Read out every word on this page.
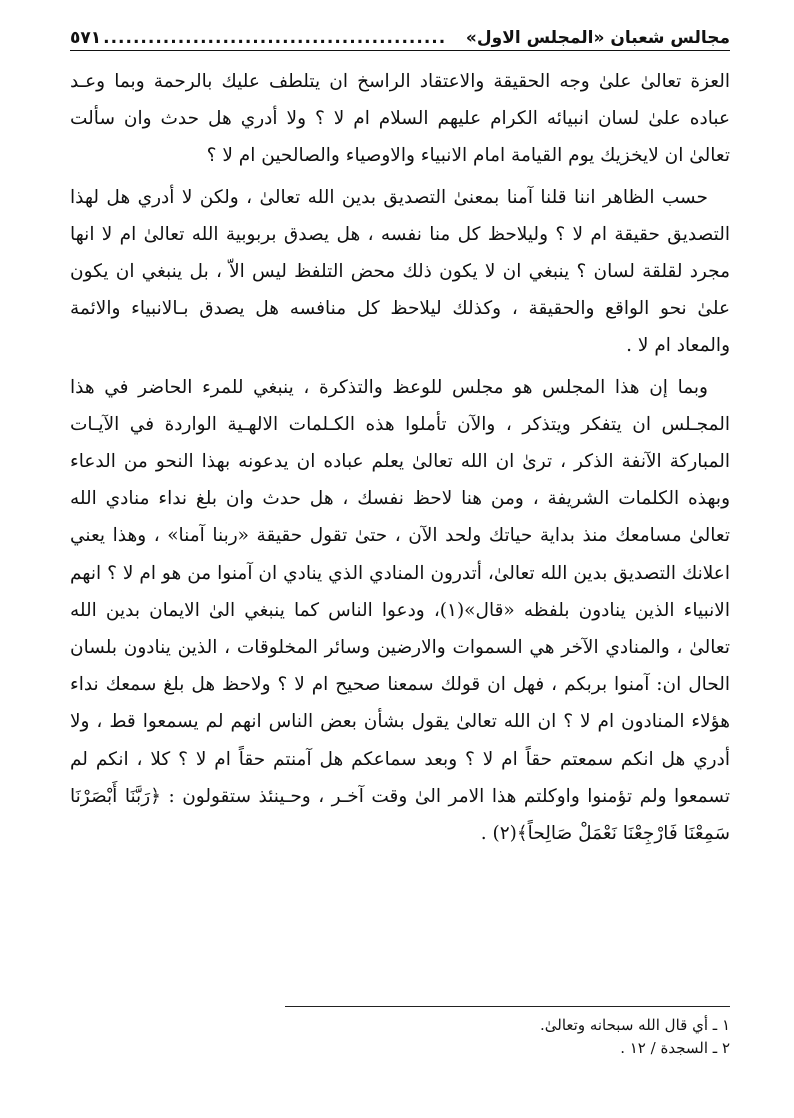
مجالس شعبان «المجلس الاول»
..............................................
٥٧١

العزة تعالىٰ علىٰ وجه الحقيقة والاعتقاد الراسخ ان يتلطف عليك بالرحمة وبما وعـد عباده علىٰ لسان انبيائه الكرام عليهم السلام ام لا ؟ ولا أدري هل حدث وان سألت تعالىٰ ان لايخزيك يوم القيامة امام الانبياء والاوصياء والصالحين ام لا ؟

حسب الظاهر اننا قلنا آمنا بمعنىٰ التصديق بدين الله تعالىٰ ، ولكن لا أدري هل لهذا التصديق حقيقة ام لا ؟ وليلاحظ كل منا نفسه ، هل يصدق بربوبية الله تعالىٰ ام لا انها مجرد لقلقة لسان ؟ ينبغي ان لا يكون ذلك محض التلفظ ليس الاّ ، بل ينبغي ان يكون علىٰ نحو الواقع والحقيقة ، وكذلك ليلاحظ كل منافسه هل يصدق بـالانبياء والائمة والمعاد ام لا .

وبما إن هذا المجلس هو مجلس للوعظ والتذكرة ، ينبغي للمرء الحاضر في هذا المجـلس ان يتفكر ويتذكر ، والآن تأملوا هذه الكـلمات الالهـية الواردة في الآيـات المباركة الآنفة الذكر ، ترىٰ ان الله تعالىٰ يعلم عباده ان يدعونه بهذا النحو من الدعاء وبهذه الكلمات الشريفة ، ومن هنا لاحظ نفسك ، هل حدث وان بلغ نداء منادي الله تعالىٰ مسامعك منذ بداية حياتك ولحد الآن ، حتىٰ تقول حقيقة «ربنا آمنا» ، وهذا يعني اعلانك التصديق بدين الله تعالىٰ، أتدرون المنادي الذي ينادي ان آمنوا من هو ام لا ؟ انهم الانبياء الذين ينادون بلفظه «قال»(١)، ودعوا الناس كما ينبغي الىٰ الايمان بدين الله تعالىٰ ، والمنادي الآخر هي السموات والارضين وسائر المخلوقات ، الذين ينادون بلسان الحال ان: آمنوا بربكم ، فهل ان قولك سمعنا صحيح ام لا ؟ ولاحظ هل بلغ سمعك نداء هؤلاء المنادون ام لا ؟ ان الله تعالىٰ يقول بشأن بعض الناس انهم لم يسمعوا قط ، ولا أدري هل انكم سمعتم حقاً ام لا ؟ وبعد سماعكم هل آمنتم حقاً ام لا ؟ كلا ، انكم لم تسمعوا ولم تؤمنوا واوكلتم هذا الامر الىٰ وقت آخـر ، وحـينئذ ستقولون : ﴿رَبَّنَا أَبْصَرْنَا سَمِعْنَا فَارْجِعْنَا نَعْمَلْ صَالِحاً﴾(٢) .

١ ـ أي قال الله سبحانه وتعالىٰ.

٢ ـ السجدة / ١٢ .
